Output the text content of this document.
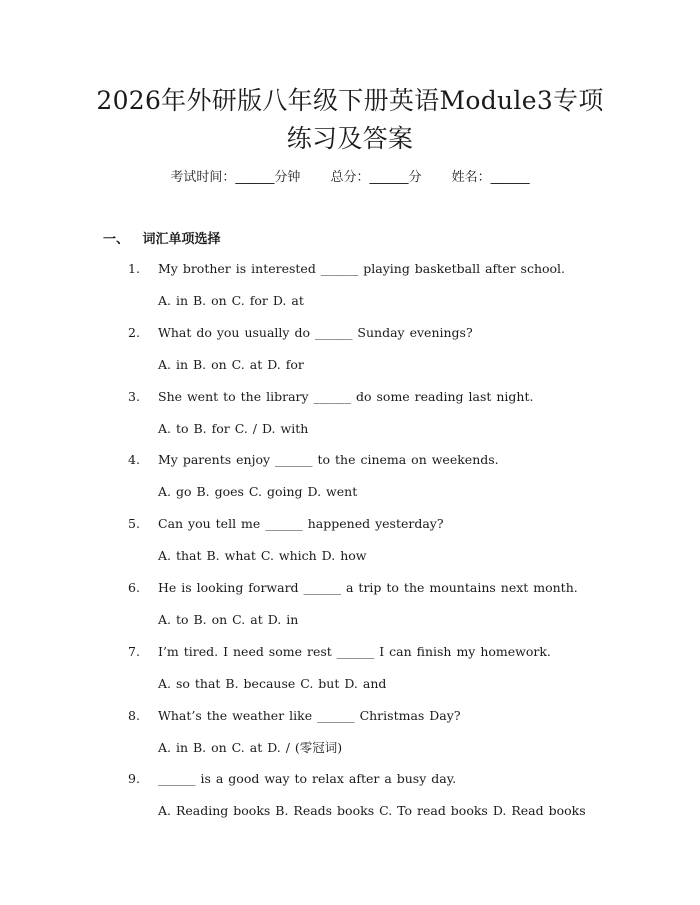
2026年外研版八年级下册英语Module3专项
练习及答案
考试时间：______分钟 总分：______分 姓名：______
一、 词汇单项选择
1. My brother is interested ______ playing basketball after school.
A. in B. on C. for D. at
2. What do you usually do ______ Sunday evenings?
A. in B. on C. at D. for
3. She went to the library ______ do some reading last night.
A. to B. for C. / D. with
4. My parents enjoy ______ to the cinema on weekends.
A. go B. goes C. going D. went
5. Can you tell me ______ happened yesterday?
A. that B. what C. which D. how
6. He is looking forward ______ a trip to the mountains next month.
A. to B. on C. at D. in
7. I’m tired. I need some rest ______ I can finish my homework.
A. so that B. because C. but D. and
8. What’s the weather like ______ Christmas Day?
A. in B. on C. at D. / (零冠词)
9. ______ is a good way to relax after a busy day.
A. Reading books B. Reads books C. To read books D. Read books
